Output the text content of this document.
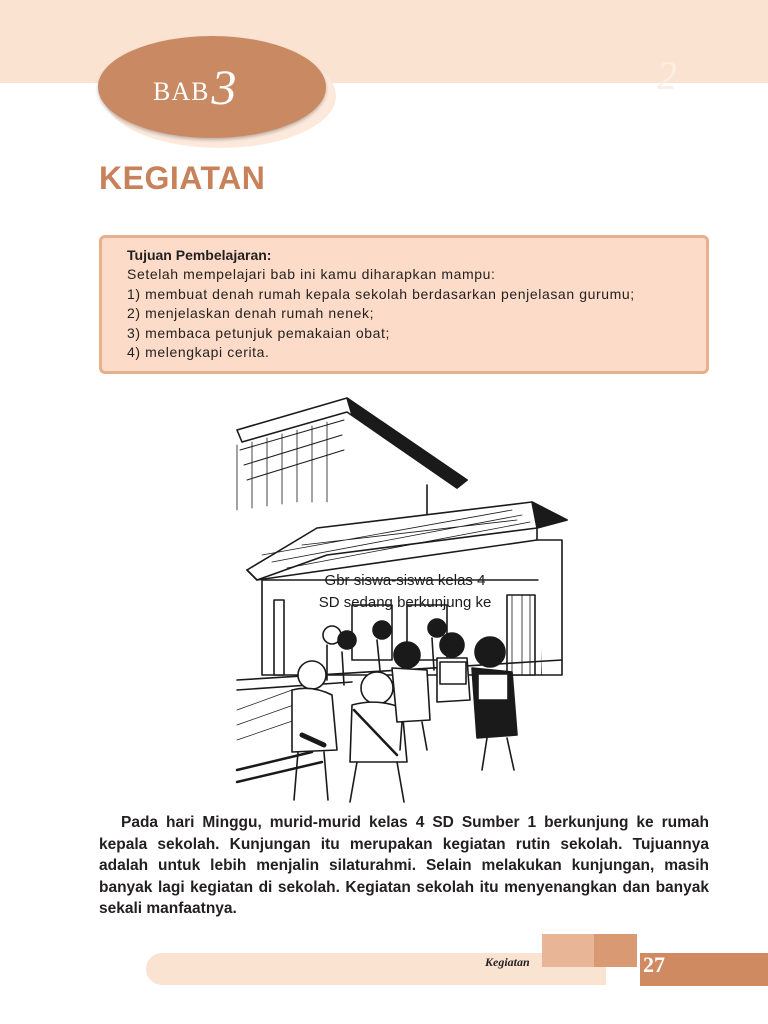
2
BAB3
KEGIATAN

Tujuan Pembelajaran:

Setelah mempelajari bab ini kamu diharapkan mampu:

1) membuat denah rumah kepala sekolah berdasarkan penjelasan gurumu;
2) menjelaskan denah rumah nenek;
3) membaca petunjuk pemakaian obat;
4) melengkapi cerita.
Gbr siswa-siswa kelas 4
SD sedang berkunjung ke

Pada hari Minggu, murid-murid kelas 4 SD Sumber 1 berkunjung ke rumah kepala sekolah. Kunjungan itu merupakan kegiatan rutin sekolah. Tujuannya adalah untuk lebih menjalin silaturahmi. Selain melakukan kunjungan, masih banyak lagi kegiatan di sekolah. Kegiatan sekolah itu menyenangkan dan banyak sekali manfaatnya.

Kegiatan	27
